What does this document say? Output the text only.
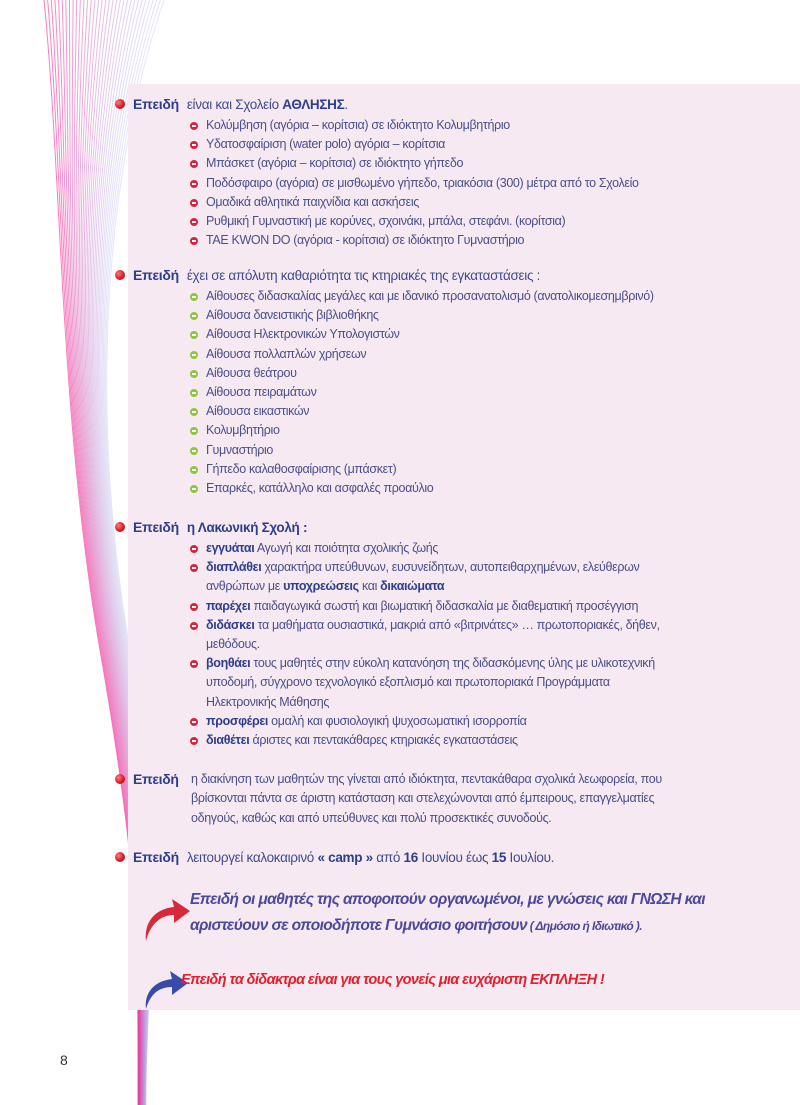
Επειδή είναι και Σχολείο ΑΘΛΗΣΗΣ.
Κολύμβηση (αγόρια – κορίτσια) σε ιδιόκτητο Κολυμβητήριο
Υδατοσφαίριση (water polo) αγόρια – κορίτσια
Μπάσκετ (αγόρια – κορίτσια) σε ιδιόκτητο γήπεδο
Ποδόσφαιρο (αγόρια) σε μισθωμένο γήπεδο, τριακόσια (300) μέτρα από το Σχολείο
Ομαδικά αθλητικά παιχνίδια και ασκήσεις
Ρυθμική Γυμναστική με κορύνες, σχοινάκι, μπάλα, στεφάνι. (κορίτσια)
TAE KWON DO (αγόρια - κορίτσια) σε ιδιόκτητο Γυμναστήριο
Επειδή έχει σε απόλυτη καθαριότητα τις κτηριακές της εγκαταστάσεις :
Αίθουσες διδασκαλίας μεγάλες και με ιδανικό προσανατολισμό (ανατολικομεσημβρινό)
Αίθουσα δανειστικής βιβλιοθήκης
Αίθουσα Ηλεκτρονικών Υπολογιστών
Αίθουσα πολλαπλών χρήσεων
Αίθουσα θεάτρου
Αίθουσα πειραμάτων
Αίθουσα εικαστικών
Κολυμβητήριο
Γυμναστήριο
Γήπεδο καλαθοσφαίρισης (μπάσκετ)
Επαρκές, κατάλληλο και ασφαλές προαύλιο
Επειδή η Λακωνική Σχολή :
εγγυάται Αγωγή και ποιότητα σχολικής ζωής
διαπλάθει χαρακτήρα υπεύθυνων, ευσυνείδητων, αυτοπειθαρχημένων, ελεύθερων
ανθρώπων με υποχρεώσεις και δικαιώματα
παρέχει παιδαγωγικά σωστή και βιωματική διδασκαλία με διαθεματική προσέγγιση
διδάσκει τα μαθήματα ουσιαστικά, μακριά από «βιτρινάτες» … πρωτοποριακές, δήθεν,
μεθόδους.
βοηθάει τους μαθητές στην εύκολη κατανόηση της διδασκόμενης ύλης με υλικοτεχνική
υποδομή, σύγχρονο τεχνολογικό εξοπλισμό και πρωτοποριακά Προγράμματα
Ηλεκτρονικής Μάθησης
προσφέρει ομαλή και φυσιολογική ψυχοσωματική ισορροπία
διαθέτει άριστες και πεντακάθαρες κτηριακές εγκαταστάσεις
Επειδή η διακίνηση των μαθητών της γίνεται από ιδιόκτητα, πεντακάθαρα σχολικά λεωφορεία, που
βρίσκονται πάντα σε άριστη κατάσταση και στελεχώνονται από έμπειρους, επαγγελματίες
οδηγούς, καθώς και από υπεύθυνες και πολύ προσεκτικές συνοδούς.
Επειδή λειτουργεί καλοκαιρινό « camp » από 16 Ιουνίου έως 15 Ιουλίου.
Επειδή οι μαθητές της αποφοιτούν οργανωμένοι, με γνώσεις και ΓΝΩΣΗ και
αριστεύουν σε οποιοδήποτε Γυμνάσιο φοιτήσουν ( Δημόσιο ή Ιδιωτικό ).
Επειδή τα δίδακτρα είναι για τους γονείς μια ευχάριστη ΕΚΠΛΗΞΗ !
8
